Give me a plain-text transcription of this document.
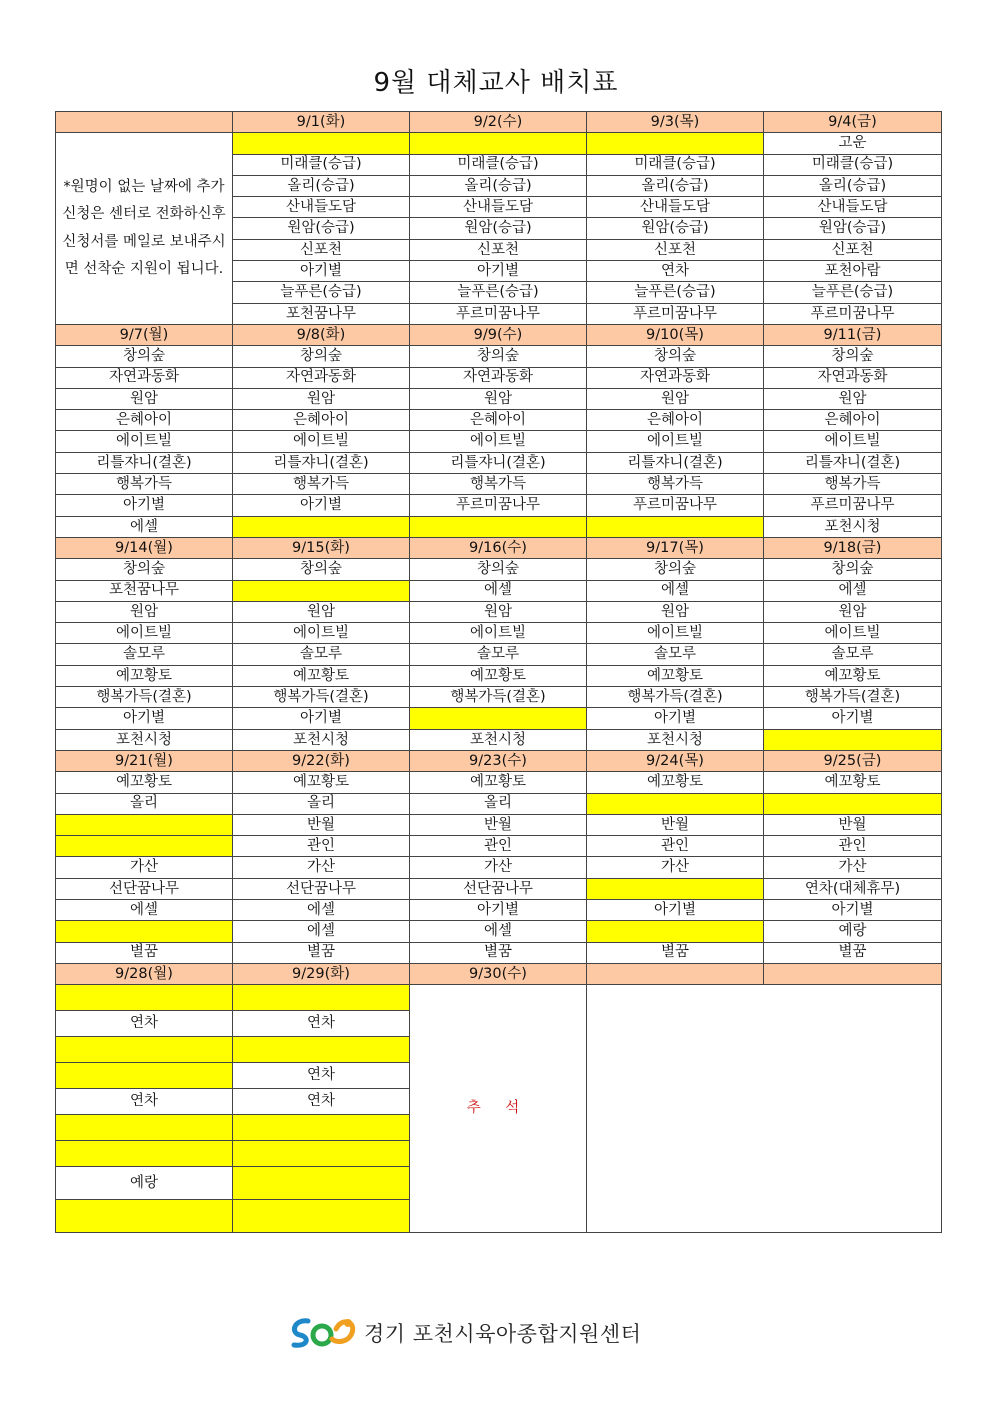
9월 대체교사 배치표
	9/1(화)	9/2(수)	9/3(목)	9/4(금)
*원명이 없는 날짜에 추가 신청은 센터로 전화하신후 신청서를 메일로 보내주시면 선착순 지원이 됩니다.				고운
	미래클(승급)	미래클(승급)	미래클(승급)	미래클(승급)
	올리(승급)	올리(승급)	올리(승급)	올리(승급)
	산내들도담	산내들도담	산내들도담	산내들도담
	원암(승급)	원암(승급)	원암(승급)	원암(승급)
	신포천	신포천	신포천	신포천
	아기별	아기별	연차	포천아람
	늘푸른(승급)	늘푸른(승급)	늘푸른(승급)	늘푸른(승급)
	포천꿈나무	푸르미꿈나무	푸르미꿈나무	푸르미꿈나무
9/7(월)	9/8(화)	9/9(수)	9/10(목)	9/11(금)
창의숲	창의숲	창의숲	창의숲	창의숲
자연과동화	자연과동화	자연과동화	자연과동화	자연과동화
원암	원암	원암	원암	원암
은혜아이	은혜아이	은혜아이	은혜아이	은혜아이
에이트빌	에이트빌	에이트빌	에이트빌	에이트빌
리틀쟈니(결혼)	리틀쟈니(결혼)	리틀쟈니(결혼)	리틀쟈니(결혼)	리틀쟈니(결혼)
행복가득	행복가득	행복가득	행복가득	행복가득
아기별	아기별	푸르미꿈나무	푸르미꿈나무	푸르미꿈나무
에셀				포천시청
9/14(월)	9/15(화)	9/16(수)	9/17(목)	9/18(금)
창의숲	창의숲	창의숲	창의숲	창의숲
포천꿈나무		에셀	에셀	에셀
원암	원암	원암	원암	원암
에이트빌	에이트빌	에이트빌	에이트빌	에이트빌
솔모루	솔모루	솔모루	솔모루	솔모루
예꼬황토	예꼬황토	예꼬황토	예꼬황토	예꼬황토
행복가득(결혼)	행복가득(결혼)	행복가득(결혼)	행복가득(결혼)	행복가득(결혼)
아기별	아기별		아기별	아기별
포천시청	포천시청	포천시청	포천시청	
9/21(월)	9/22(화)	9/23(수)	9/24(목)	9/25(금)
예꼬황토	예꼬황토	예꼬황토	예꼬황토	예꼬황토
올리	올리	올리		
	반월	반월	반월	반월
	관인	관인	관인	관인
가산	가산	가산	가산	가산
선단꿈나무	선단꿈나무	선단꿈나무		연차(대체휴무)
에셀	에셀	아기별	아기별	아기별
	에셀	에셀		예랑
별꿈	별꿈	별꿈	별꿈	별꿈
9/28(월)	9/29(화)	9/30(수)		
		추 석		
연차	연차			

	연차			
연차	연차			

예랑				

경기 포천시육아종합지원센터
